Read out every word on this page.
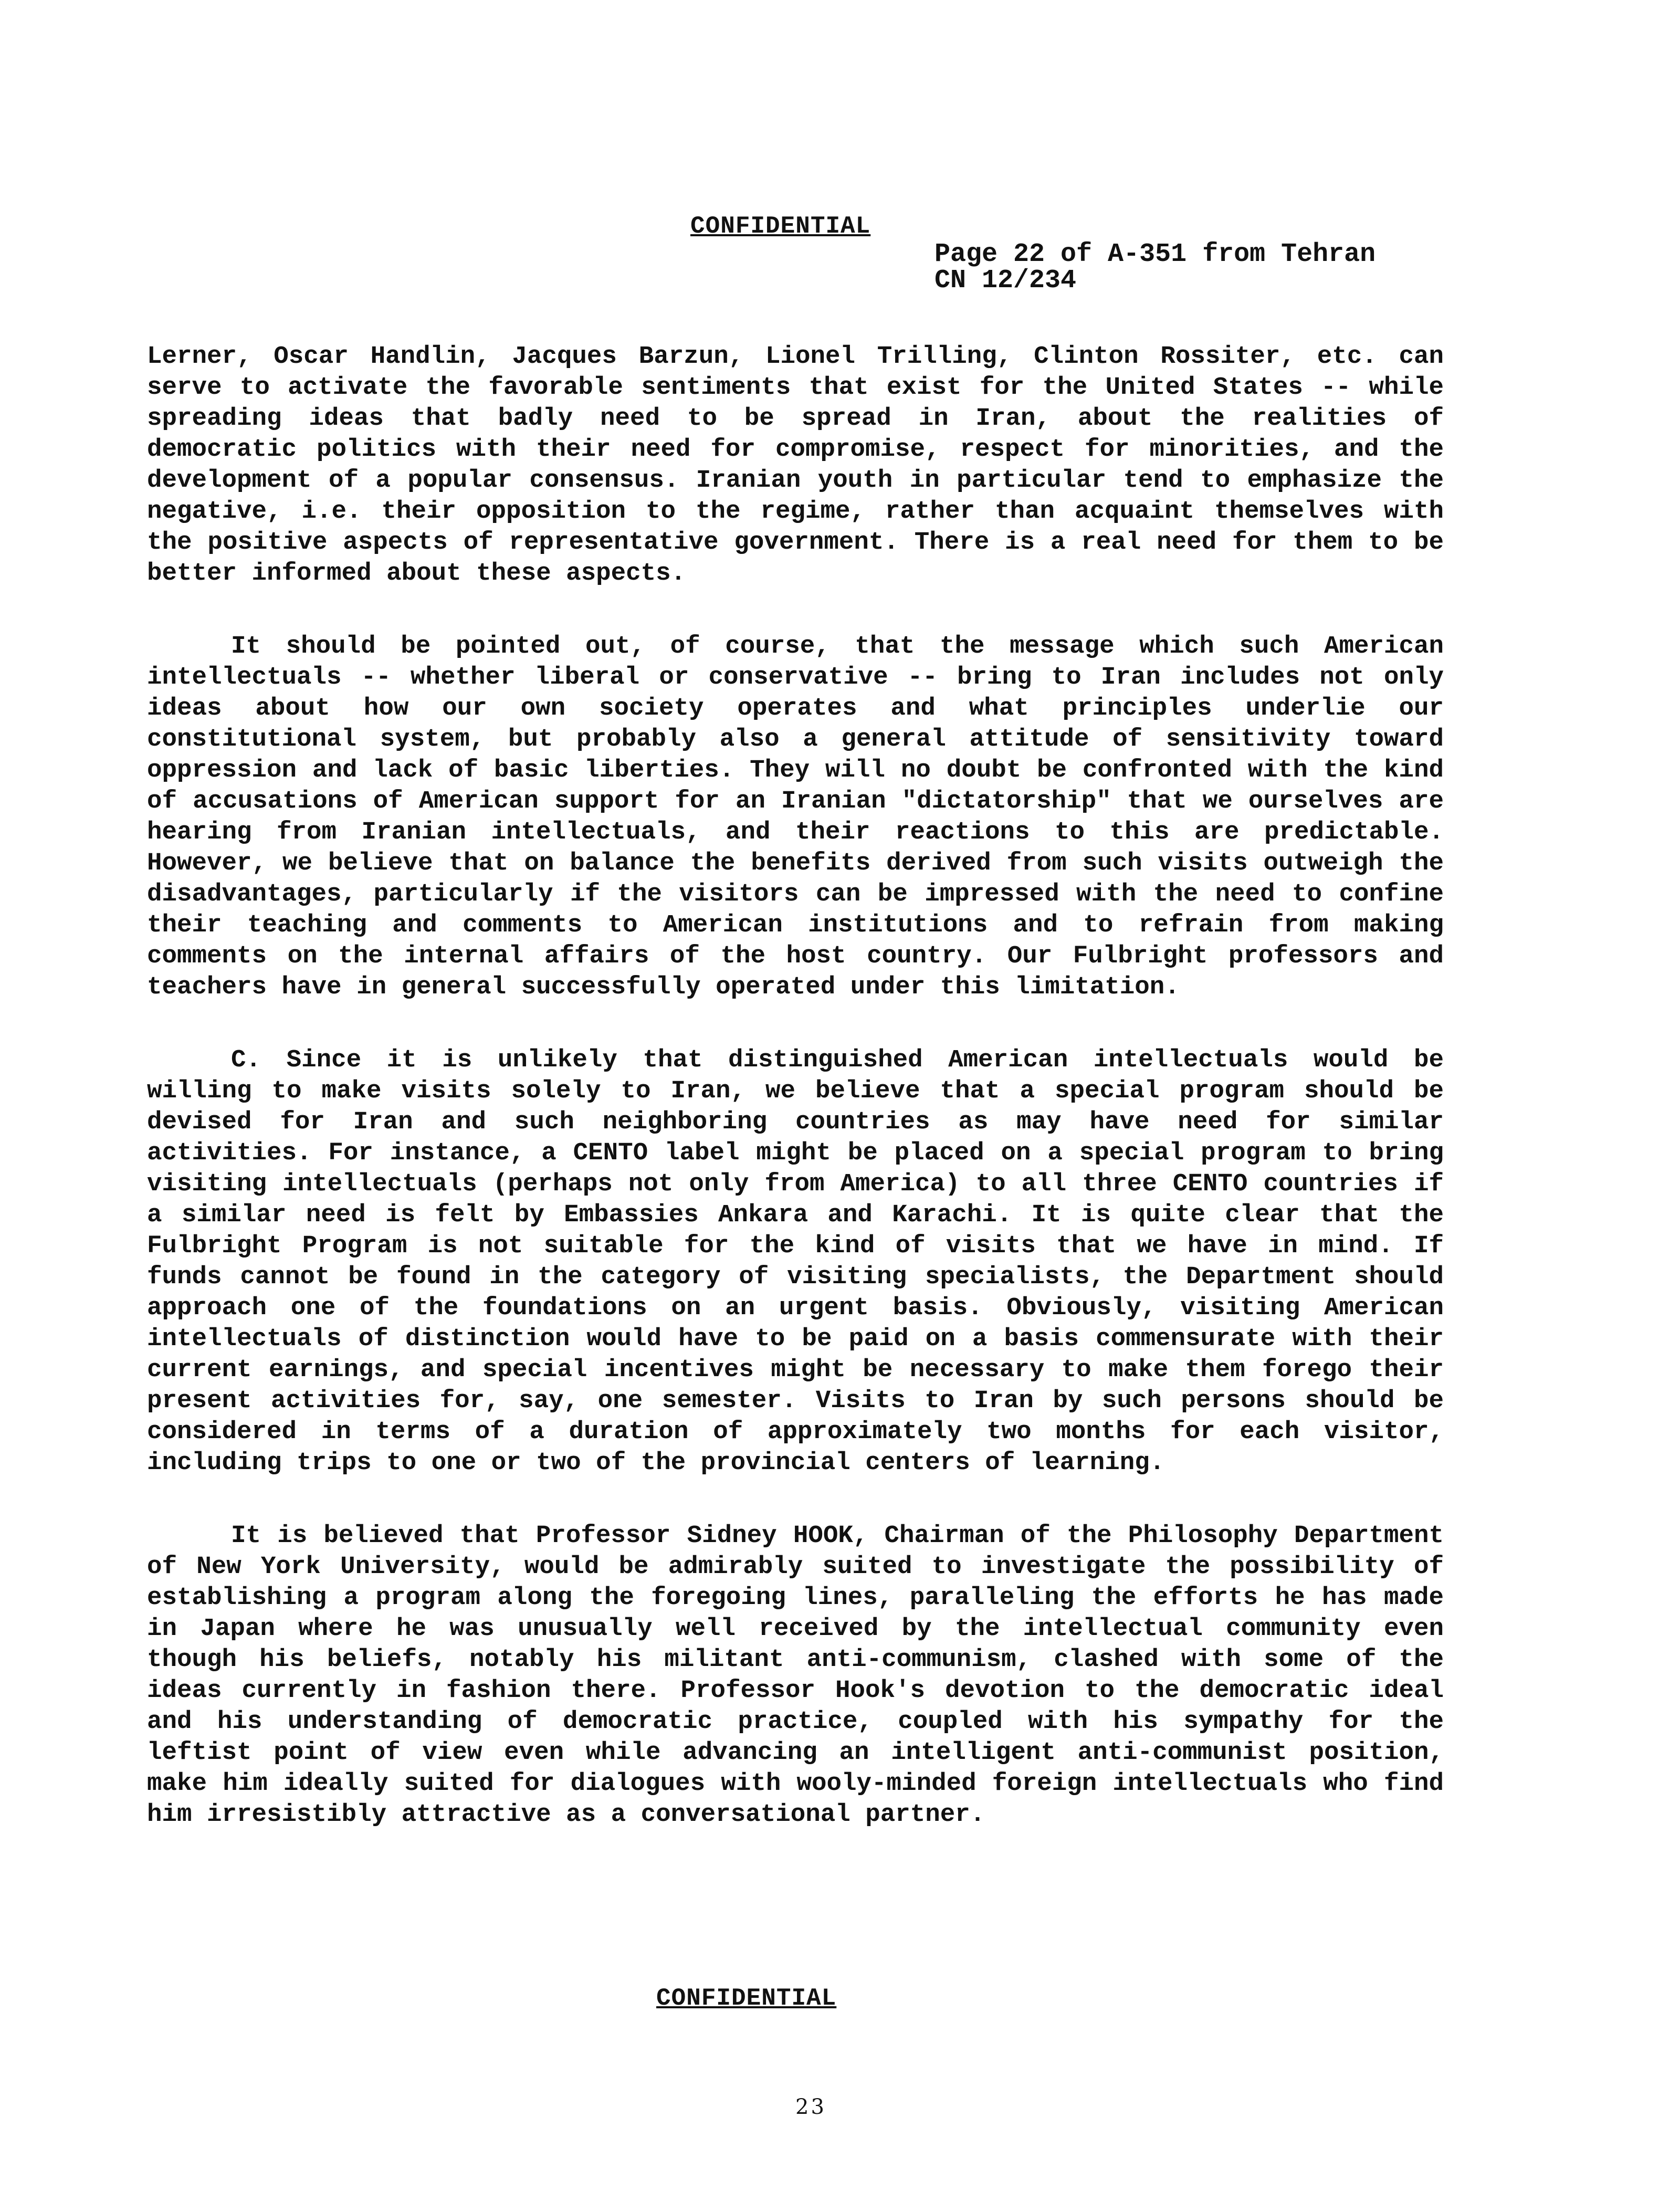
CONFIDENTIAL
Page 22 of A-351 from Tehran
CN 12/234

Lerner, Oscar Handlin, Jacques Barzun, Lionel Trilling, Clinton Rossiter, etc. can serve to activate the favorable sentiments that exist for the United States -- while spreading ideas that badly need to be spread in Iran, about the realities of democratic politics with their need for compromise, respect for minorities, and the development of a popular consensus. Iranian youth in particular tend to emphasize the negative, i.e. their opposition to the regime, rather than acquaint themselves with the positive aspects of representative government. There is a real need for them to be better informed about these aspects.

It should be pointed out, of course, that the message which such American intellectuals -- whether liberal or conservative -- bring to Iran includes not only ideas about how our own society operates and what principles underlie our constitutional system, but probably also a general attitude of sensitivity toward oppression and lack of basic liberties. They will no doubt be confronted with the kind of accusations of American support for an Iranian "dictatorship" that we ourselves are hearing from Iranian intellectuals, and their reactions to this are predictable. However, we believe that on balance the benefits derived from such visits outweigh the disadvantages, particularly if the visitors can be impressed with the need to confine their teaching and comments to American institutions and to refrain from making comments on the internal affairs of the host country. Our Fulbright professors and teachers have in general successfully operated under this limitation.

C. Since it is unlikely that distinguished American intellectuals would be willing to make visits solely to Iran, we believe that a special program should be devised for Iran and such neighboring countries as may have need for similar activities. For instance, a CENTO label might be placed on a special program to bring visiting intellectuals (perhaps not only from America) to all three CENTO countries if a similar need is felt by Embassies Ankara and Karachi. It is quite clear that the Fulbright Program is not suitable for the kind of visits that we have in mind. If funds cannot be found in the category of visiting specialists, the Department should approach one of the foundations on an urgent basis. Obviously, visiting American intellectuals of distinction would have to be paid on a basis commensurate with their current earnings, and special incentives might be necessary to make them forego their present activities for, say, one semester. Visits to Iran by such persons should be considered in terms of a duration of approximately two months for each visitor, including trips to one or two of the provincial centers of learning.

It is believed that Professor Sidney HOOK, Chairman of the Philosophy Department of New York University, would be admirably suited to investigate the possibility of establishing a program along the foregoing lines, paralleling the efforts he has made in Japan where he was unusually well received by the intellectual community even though his beliefs, notably his militant anti-communism, clashed with some of the ideas currently in fashion there. Professor Hook's devotion to the democratic ideal and his understanding of democratic practice, coupled with his sympathy for the leftist point of view even while advancing an intelligent anti-communist position, make him ideally suited for dialogues with wooly-minded foreign intellectuals who find him irresistibly attractive as a conversational partner.

CONFIDENTIAL
23
